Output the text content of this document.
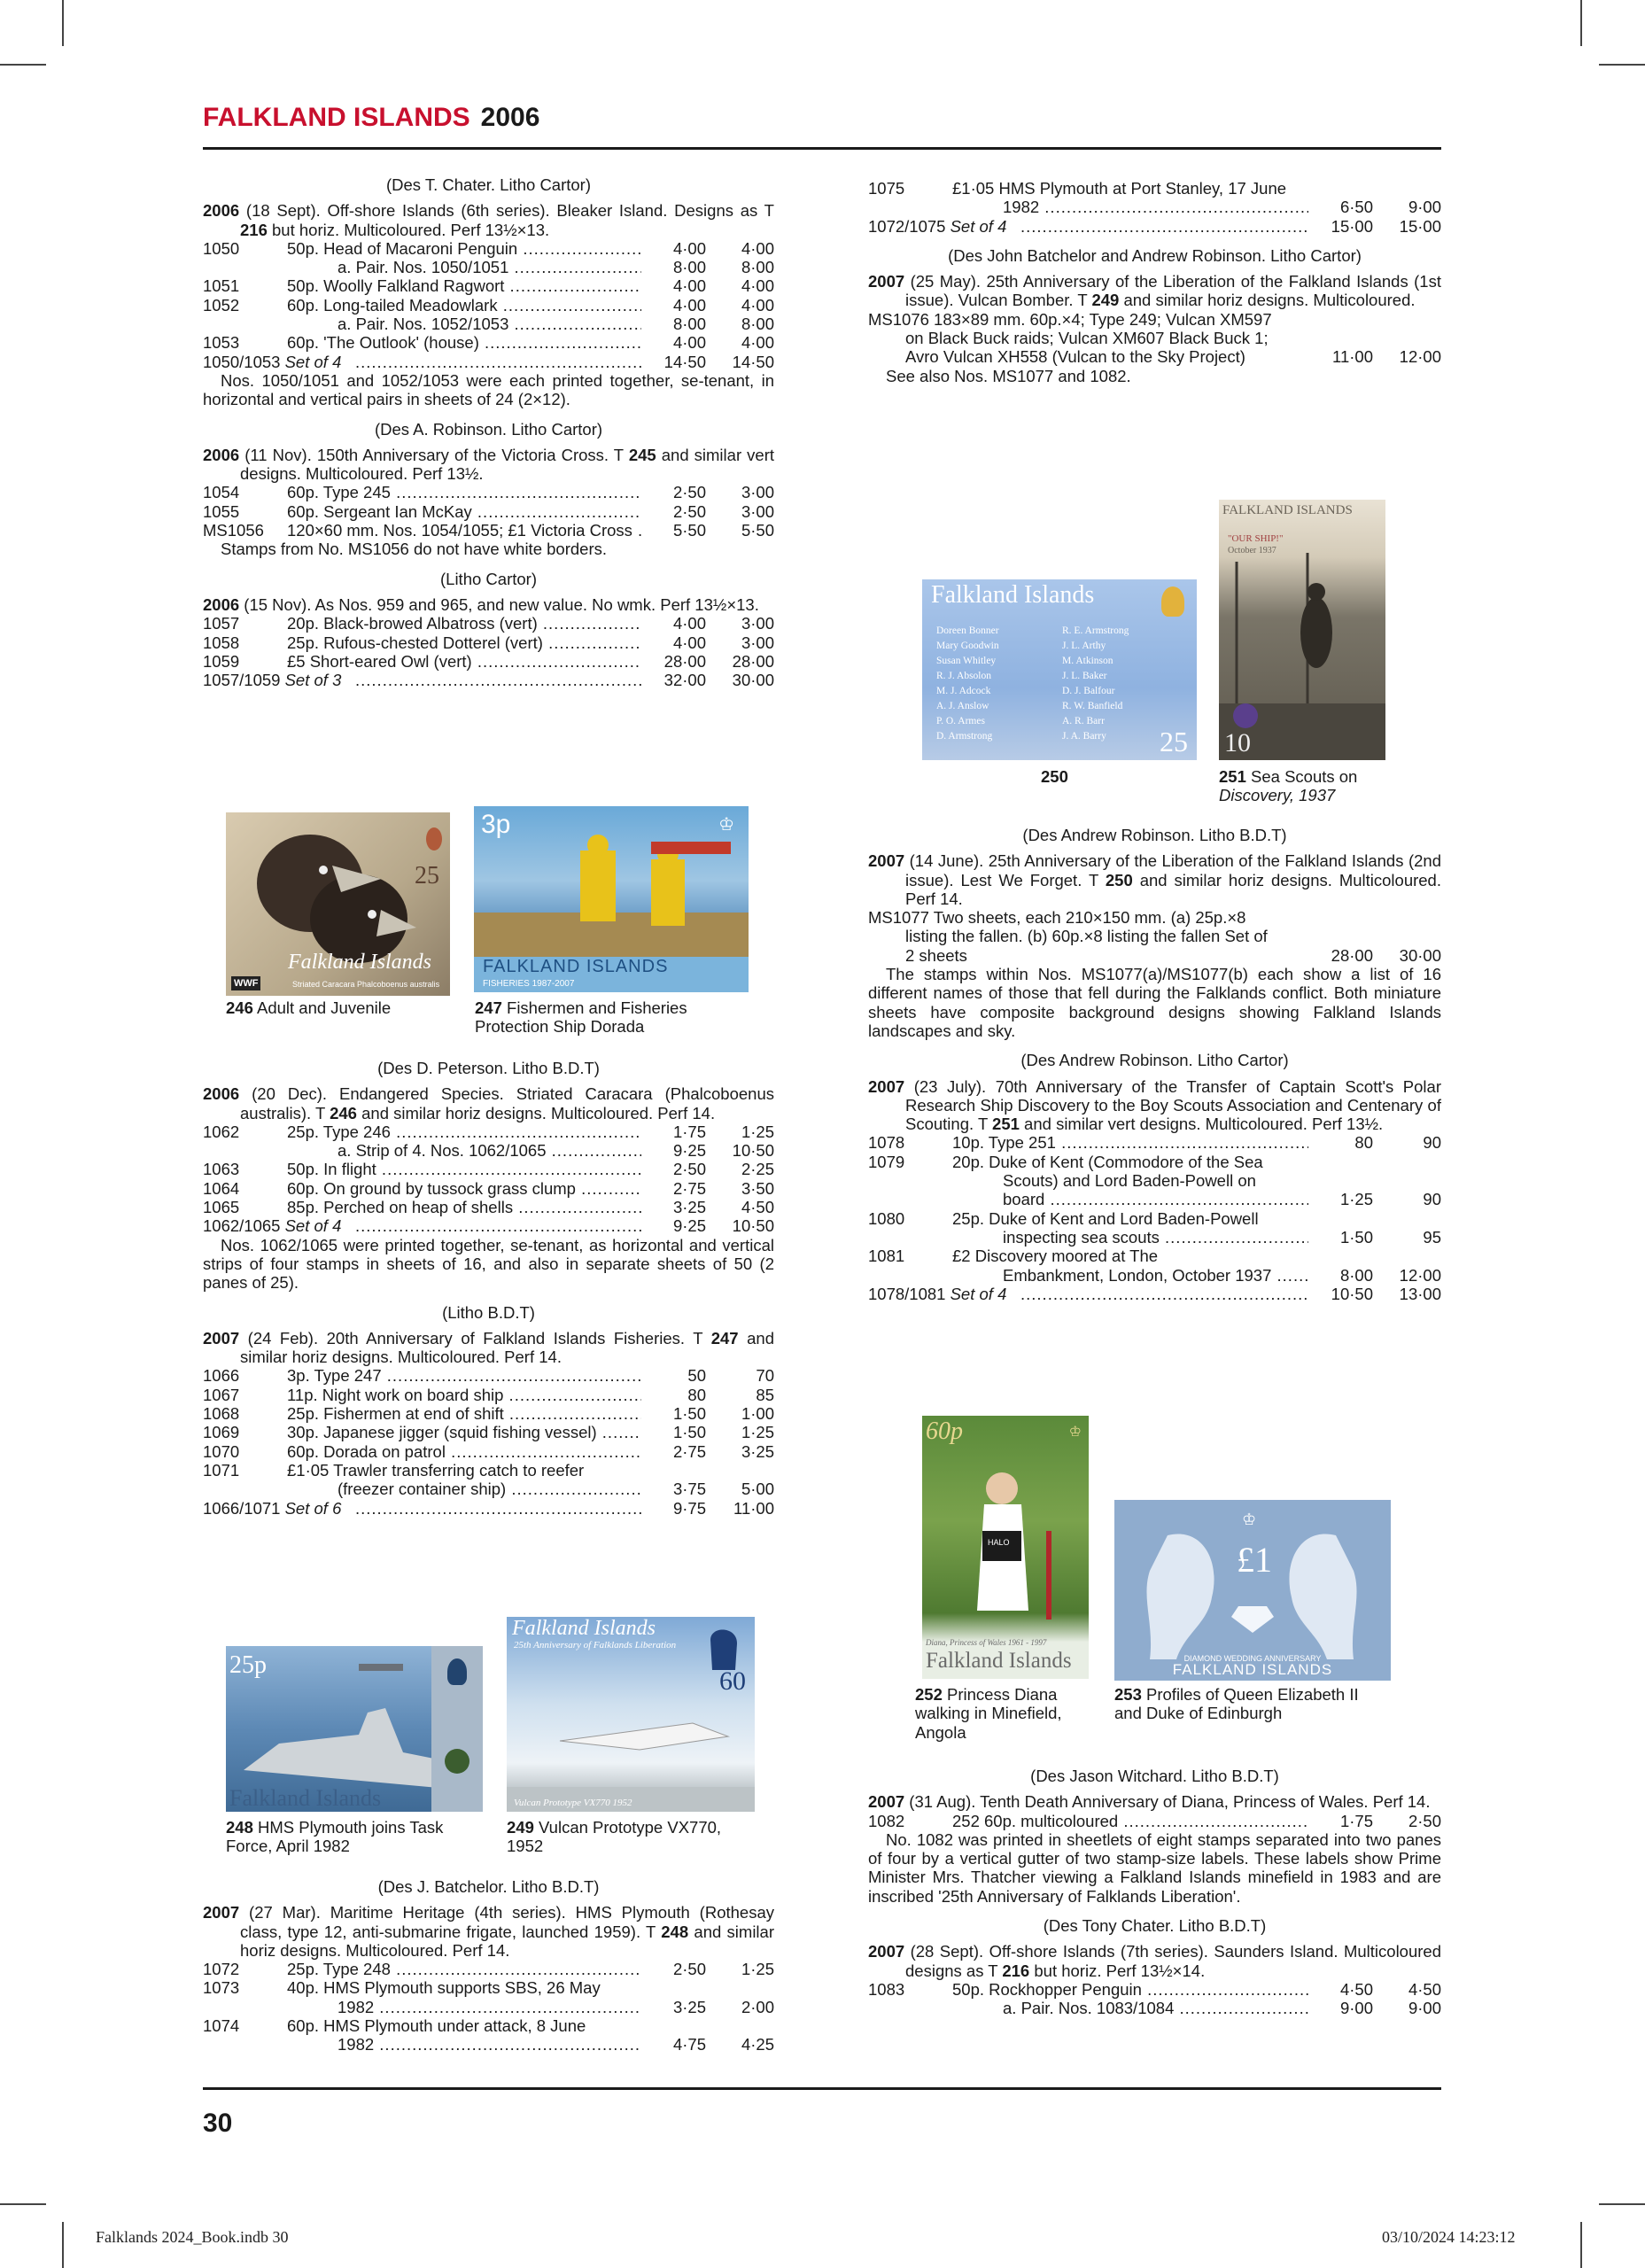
FALKLAND ISLANDS 2006

(Des T. Chater. Litho Cartor)

2006 (18 Sept). Off-shore Islands (6th series). Bleaker Island. Designs as T 216 but horiz. Multicoloured. Perf 13½×13.

1050	50p. Head of Macaroni Penguin .....	4·00	4·00
a. Pair. Nos. 1050/1051 .....	8·00	8·00
1051	50p. Woolly Falkland Ragwort .....	4·00	4·00
1052	60p. Long-tailed Meadowlark .....	4·00	4·00
a. Pair. Nos. 1052/1053 .....	8·00	8·00
1053	60p. 'The Outlook' (house) .....	4·00	4·00
1050/1053 Set of 4 .....	14·50	14·50

Nos. 1050/1051 and 1052/1053 were each printed together, se-tenant, in horizontal and vertical pairs in sheets of 24 (2×12).

(Des A. Robinson. Litho Cartor)

2006 (11 Nov). 150th Anniversary of the Victoria Cross. T 245 and similar vert designs. Multicoloured. Perf 13½.

1054	60p. Type 245 .....	2·50	3·00
1055	60p. Sergeant Ian McKay .....	2·50	3·00
MS1056 120×60 mm. Nos. 1054/1055; £1 Victoria Cross .....	5·50	5·50

Stamps from No. MS1056 do not have white borders.

(Litho Cartor)

2006 (15 Nov). As Nos. 959 and 965, and new value. No wmk. Perf 13½×13.

1057	20p. Black-browed Albatross (vert) .....	4·00	3·00
1058	25p. Rufous-chested Dotterel (vert) .....	4·00	3·00
1059	£5 Short-eared Owl (vert) .....	28·00	28·00
1057/1059 Set of 3 .....	32·00	30·00
25
Falkland Islands
Striated Caracara Phalcoboenus australis
WWF
3p	♔
FALKLAND ISLANDS
FISHERIES 1987-2007
246 Adult and Juvenile	247 Fishermen and Fisheries
Protection Ship Dorada

(Des D. Peterson. Litho B.D.T)

2006 (20 Dec). Endangered Species. Striated Caracara (Phalcoboenus australis). T 246 and similar horiz designs. Multicoloured. Perf 14.

1062	25p. Type 246 .....	1·75	1·25
a. Strip of 4. Nos. 1062/1065 .....	9·25	10·50
1063	50p. In flight .....	2·50	2·25
1064	60p. On ground by tussock grass clump .....	2·75	3·50
1065	85p. Perched on heap of shells .....	3·25	4·50
1062/1065 Set of 4 .....	9·25	10·50

Nos. 1062/1065 were printed together, se-tenant, as horizontal and vertical strips of four stamps in sheets of 16, and also in separate sheets of 50 (2 panes of 25).

(Litho B.D.T)

2007 (24 Feb). 20th Anniversary of Falkland Islands Fisheries. T 247 and similar horiz designs. Multicoloured. Perf 14.

1066	3p. Type 247 .....	50	70
1067	11p. Night work on board ship .....	80	85
1068	25p. Fishermen at end of shift .....	1·50	1·00
1069	30p. Japanese jigger (squid fishing vessel) .....	1·50	1·25
1070	60p. Dorada on patrol .....	2·75	3·25
1071	£1·05 Trawler transferring catch to reefer
(freezer container ship) .....	3·75	5·00
1066/1071 Set of 6 .....	9·75	11·00
25p
Falkland Islands
Falkland Islands
25th Anniversary of Falklands Liberation
60
Vulcan Prototype VX770 1952
248 HMS Plymouth joins Task
Force, April 1982
249 Vulcan Prototype VX770,
1952

(Des J. Batchelor. Litho B.D.T)

2007 (27 Mar). Maritime Heritage (4th series). HMS Plymouth (Rothesay class, type 12, anti-submarine frigate, launched 1959). T 248 and similar horiz designs. Multicoloured. Perf 14.

1072	25p. Type 248 .....	2·50	1·25
1073	40p. HMS Plymouth supports SBS, 26 May
1982 .....	3·25	2·00
1074	60p. HMS Plymouth under attack, 8 June
1982 .....	4·75	4·25
1075	£1·05 HMS Plymouth at Port Stanley, 17 June
1982 .....	6·50	9·00
1072/1075 Set of 4 .....	15·00	15·00

(Des John Batchelor and Andrew Robinson. Litho Cartor)

2007 (25 May). 25th Anniversary of the Liberation of the Falkland Islands (1st issue). Vulcan Bomber. T 249 and similar horiz designs. Multicoloured.

MS1076 183×89 mm. 60p.×4; Type 249; Vulcan XM597
on Black Buck raids; Vulcan XM607 Black Buck 1;
Avro Vulcan XH558 (Vulcan to the Sky Project)	11·00	12·00

See also Nos. MS1077 and 1082.

Falkland Islands
Doreen Bonner
Mary Goodwin
Susan Whitley
R. J. Absolon
M. J. Adcock
A. J. Anslow
P. O. Armes
D. Armstrong
R. E. Armstrong
J. L. Arthy
M. Atkinson
J. L. Baker
D. J. Balfour
R. W. Banfield
A. R. Barr
J. A. Barry	25
FALKLAND ISLANDS
"OUR SHIP!"
October 1937
10
250	251 Sea Scouts on
Discovery, 1937

(Des Andrew Robinson. Litho B.D.T)

2007 (14 June). 25th Anniversary of the Liberation of the Falkland Islands (2nd issue). Lest We Forget. T 250 and similar horiz designs. Multicoloured. Perf 14.

MS1077 Two sheets, each 210×150 mm. (a) 25p.×8
listing the fallen. (b) 60p.×8 listing the fallen Set of
2 sheets	28·00	30·00

The stamps within Nos. MS1077(a)/MS1077(b) each show a list of 16 different names of those that fell during the Falklands conflict. Both miniature sheets have composite background designs showing Falkland Islands landscapes and sky.

(Des Andrew Robinson. Litho Cartor)

2007 (23 July). 70th Anniversary of the Transfer of Captain Scott's Polar Research Ship Discovery to the Boy Scouts Association and Centenary of Scouting. T 251 and similar vert designs. Multicoloured. Perf 13½.

1078	10p. Type 251 .....	80	90
1079	20p. Duke of Kent (Commodore of the Sea
Scouts) and Lord Baden-Powell on
board .....	1·25	90
1080	25p. Duke of Kent and Lord Baden-Powell
inspecting sea scouts .....	1·50	95
1081	£2 Discovery moored at The
Embankment, London, October 1937 .....	8·00	12·00
1078/1081 Set of 4 .....	10·50	13·00
60p	♔
HALO
Diana, Princess of Wales 1961 - 1997
Falkland Islands
♔
£1
DIAMOND WEDDING ANNIVERSARY
FALKLAND ISLANDS
252 Princess Diana
walking in Minefield,
Angola
253 Profiles of Queen Elizabeth II
and Duke of Edinburgh

(Des Jason Witchard. Litho B.D.T)

2007 (31 Aug). Tenth Death Anniversary of Diana, Princess of Wales. Perf 14.

1082	252 60p. multicoloured .....	1·75	2·50

No. 1082 was printed in sheetlets of eight stamps separated into two panes of four by a vertical gutter of two stamp-size labels. These labels show Prime Minister Mrs. Thatcher viewing a Falkland Islands minefield in 1983 and are inscribed '25th Anniversary of Falklands Liberation'.

(Des Tony Chater. Litho B.D.T)

2007 (28 Sept). Off-shore Islands (7th series). Saunders Island. Multicoloured designs as T 216 but horiz. Perf 13½×14.

1083	50p. Rockhopper Penguin .....	4·50	4·50
a. Pair. Nos. 1083/1084 .....	9·00	9·00
30
Falklands 2024_Book.indb 30	03/10/2024 14:23:12
